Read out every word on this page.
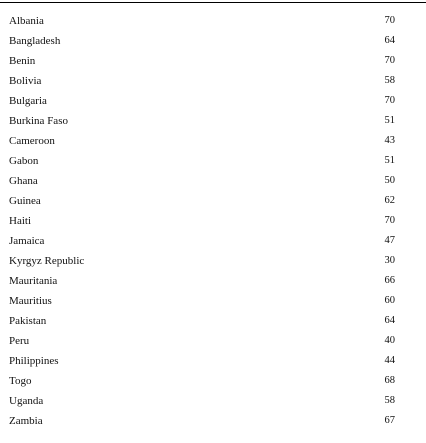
Albania	70
Bangladesh	64
Benin	70
Bolivia	58
Bulgaria	70
Burkina Faso	51
Cameroon	43
Gabon	51
Ghana	50
Guinea	62
Haiti	70
Jamaica	47
Kyrgyz Republic	30
Mauritania	66
Mauritius	60
Pakistan	64
Peru	40
Philippines	44
Togo	68
Uganda	58
Zambia	67
